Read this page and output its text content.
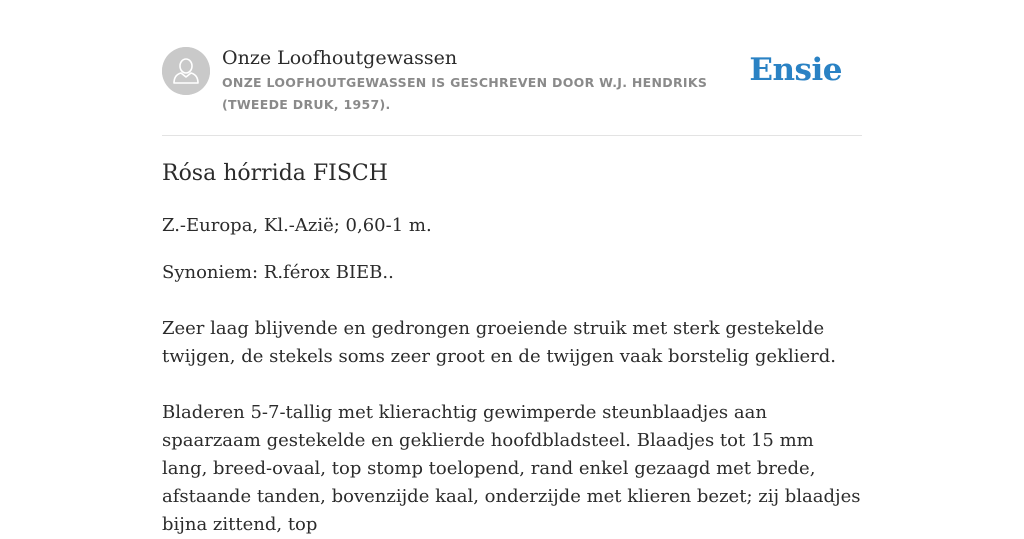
Onze Loofhoutgewassen
ONZE LOOFHOUTGEWASSEN IS GESCHREVEN DOOR W.J. HENDRIKS (TWEEDE DRUK, 1957).
Ensie
Rósa hórrida FISCH

Z.-Europa, Kl.-Azië; 0,60-1 m.

Synoniem: R.férox BIEB..

Zeer laag blijvende en gedrongen groeiende struik met sterk gestekelde twijgen, de stekels soms zeer groot en de twijgen vaak borstelig geklierd.

Bladeren 5-7-tallig met klierachtig gewimperde steunblaadjes aan spaarzaam gestekelde en geklierde hoofdbladsteel. Blaadjes tot 15 mm lang, breed-ovaal, top stomp toelopend, rand enkel gezaagd met brede, afstaande tanden, bovenzijde kaal, onderzijde met klieren bezet; zij blaadjes bijna zittend, top
